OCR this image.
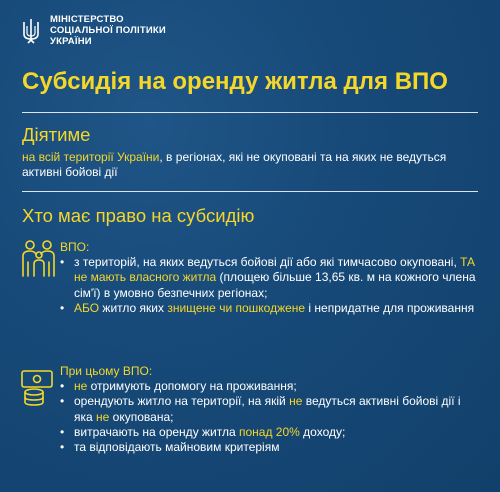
МІНІСТЕРСТВО
СОЦІАЛЬНОЇ ПОЛІТИКИ
УКРАЇНИ
Субсидія на оренду житла для ВПО
Діятиме
на всій території України, в регіонах, які не окуповані та на яких не ведуться активні бойові дії
Хто має право на субсидію
ВПО:
• з територій, на яких ведуться бойові дії або які тимчасово окуповані, ТА не мають власного житла (площею більше 13,65 кв. м на кожного члена сім'ї) в умовно безпечних регіонах;
• АБО житло яких знищене чи пошкоджене і непридатне для проживання
При цьому ВПО:
• не отримують допомогу на проживання;
• орендують житло на території, на якій не ведуться активні бойові дії і яка не окупована;
• витрачають на оренду житла понад 20% доходу;
• та відповідають майновим критеріям
